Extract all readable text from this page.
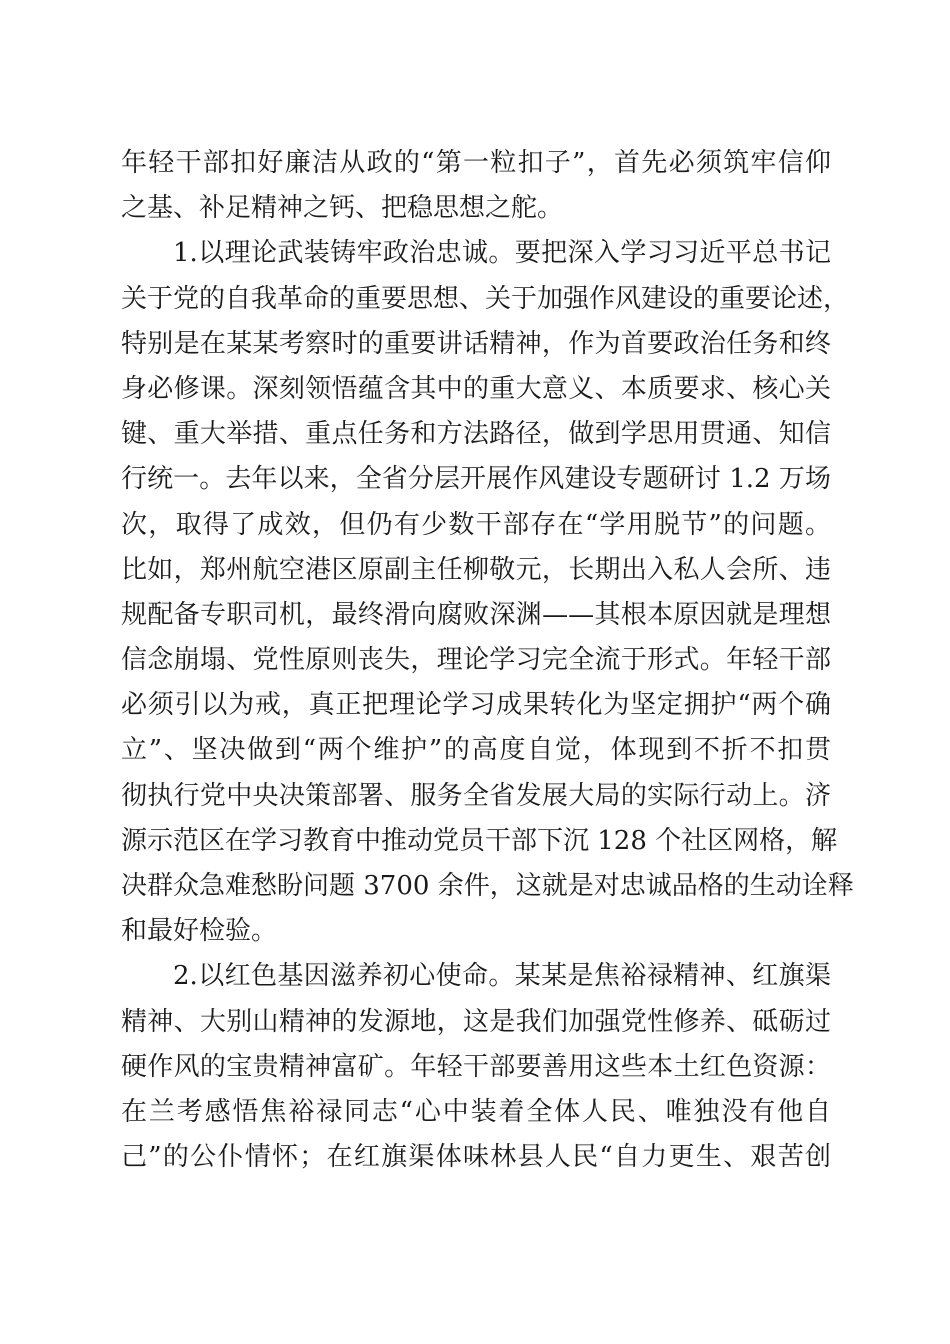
年轻干部扣好廉洁从政的“第一粒扣子”，首先必须筑牢信仰
之基、补足精神之钙、把稳思想之舵。
1.以理论武装铸牢政治忠诚。要把深入学习习近平总书记
关于党的自我革命的重要思想、关于加强作风建设的重要论述，
特别是在某某考察时的重要讲话精神，作为首要政治任务和终
身必修课。深刻领悟蕴含其中的重大意义、本质要求、核心关
键、重大举措、重点任务和方法路径，做到学思用贯通、知信
行统一。去年以来，全省分层开展作风建设专题研讨 1.2 万场
次，取得了成效，但仍有少数干部存在“学用脱节”的问题。
比如，郑州航空港区原副主任柳敬元，长期出入私人会所、违
规配备专职司机，最终滑向腐败深渊——其根本原因就是理想
信念崩塌、党性原则丧失，理论学习完全流于形式。年轻干部
必须引以为戒，真正把理论学习成果转化为坚定拥护“两个确
立”、坚决做到“两个维护”的高度自觉，体现到不折不扣贯
彻执行党中央决策部署、服务全省发展大局的实际行动上。济
源示范区在学习教育中推动党员干部下沉 128 个社区网格，解
决群众急难愁盼问题 3700 余件，这就是对忠诚品格的生动诠释
和最好检验。
2.以红色基因滋养初心使命。某某是焦裕禄精神、红旗渠
精神、大别山精神的发源地，这是我们加强党性修养、砥砺过
硬作风的宝贵精神富矿。年轻干部要善用这些本土红色资源：
在兰考感悟焦裕禄同志“心中装着全体人民、唯独没有他自
己”的公仆情怀；在红旗渠体味林县人民“自力更生、艰苦创
